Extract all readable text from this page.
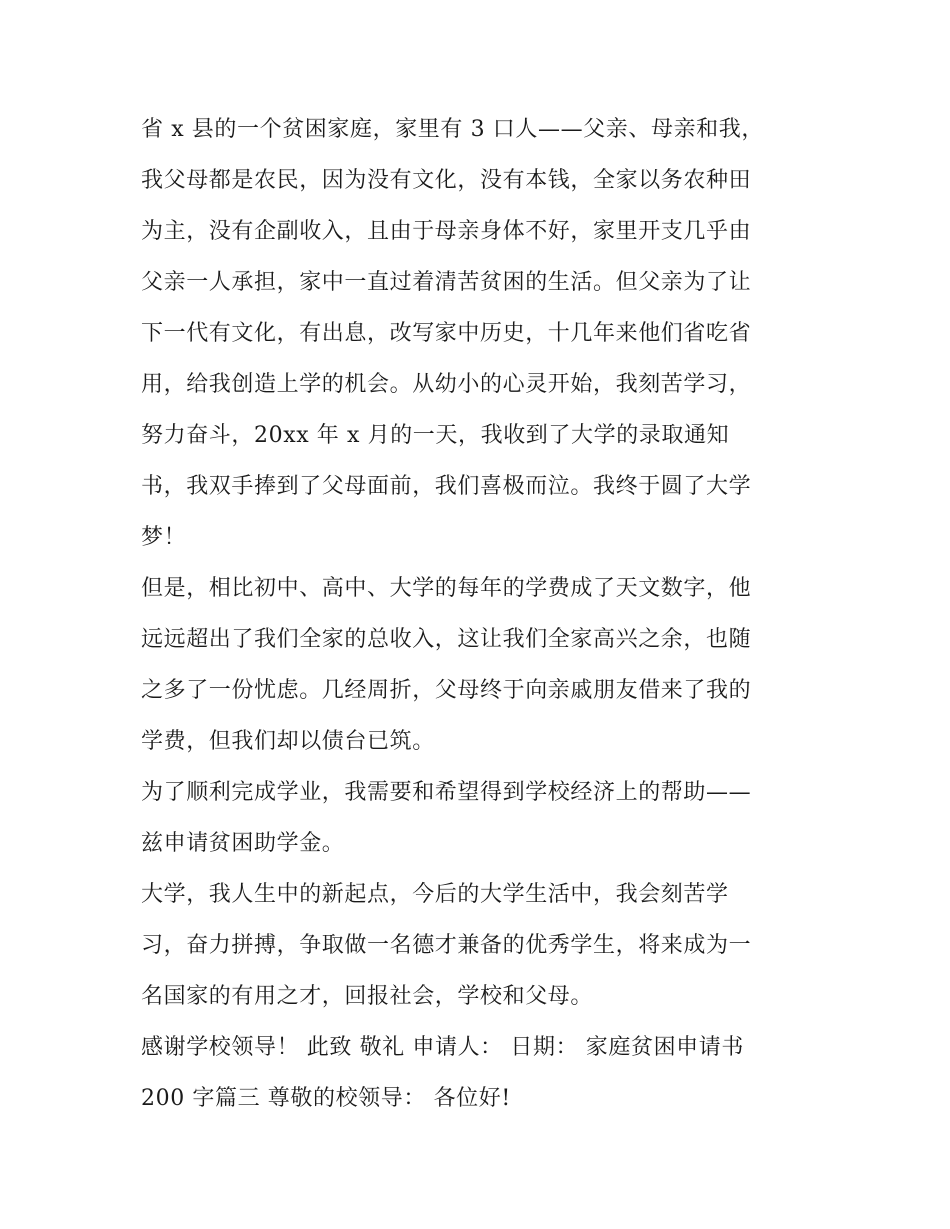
省 x 县的一个贫困家庭，家里有 3 口人——父亲、母亲和我，
我父母都是农民，因为没有文化，没有本钱，全家以务农种田
为主，没有企副收入，且由于母亲身体不好，家里开支几乎由
父亲一人承担，家中一直过着清苦贫困的生活。但父亲为了让
下一代有文化，有出息，改写家中历史，十几年来他们省吃省
用，给我创造上学的机会。从幼小的心灵开始，我刻苦学习，
努力奋斗，20xx 年 x 月的一天，我收到了大学的录取通知
书，我双手捧到了父母面前，我们喜极而泣。我终于圆了大学
梦！
但是，相比初中、高中、大学的每年的学费成了天文数字，他
远远超出了我们全家的总收入，这让我们全家高兴之余，也随
之多了一份忧虑。几经周折，父母终于向亲戚朋友借来了我的
学费，但我们却以债台已筑。
为了顺利完成学业，我需要和希望得到学校经济上的帮助——
兹申请贫困助学金。
大学，我人生中的新起点，今后的大学生活中，我会刻苦学
习，奋力拼搏，争取做一名德才兼备的优秀学生，将来成为一
名国家的有用之才，回报社会，学校和父母。
感谢学校领导！ 此致 敬礼 申请人： 日期： 家庭贫困申请书
200 字篇三 尊敬的校领导： 各位好!
